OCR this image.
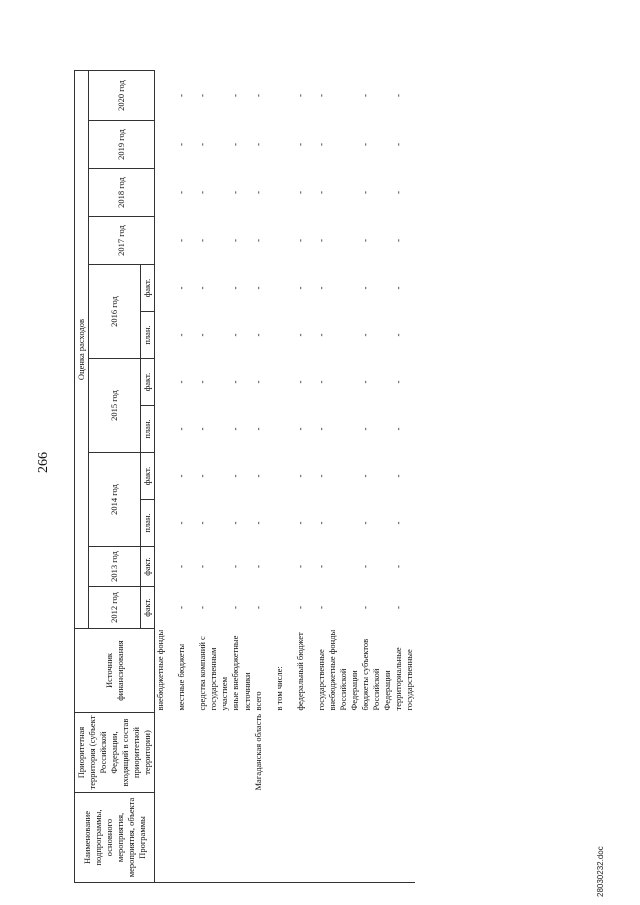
266
Наименование подпрограммы, основного мероприятия, мероприятия, объекта Программы	Приоритетная территория (субъект Российской Федерации, входящий в состав приоритетной территории)	Источник финансирования	Оценка расходов											
			2012 год	2013 год	2014 год		2015 год		2016 год		2017 год	2018 год	2019 год	2020 год
			факт.	факт.	план.	факт.	план.	факт.	план.	факт.				
		внебюджетные фонды												
		местные бюджеты	-	-	-	-	-	-	-	-	-	-	-	-
		средства компаний с государственным участием	-	-	-	-	-	-	-	-	-	-	-	-
		иные внебюджетные источники	-	-	-	-	-	-	-	-	-	-	-	-
	Магаданская область	всего	-	-	-	-	-	-	-	-	-	-	-	-
		в том числе:												
		федеральный бюджет	-	-	-	-	-	-	-	-	-	-	-	-
		государственные внебюджетные фонды Российской Федерации	-	-	-	-	-	-	-	-	-	-	-	-
		бюджеты субъектов Российской Федерации	-	-	-	-	-	-	-	-	-	-	-	-
		территориальные государственные	-	-	-	-	-	-	-	-	-	-	-	-
28030232.doc
